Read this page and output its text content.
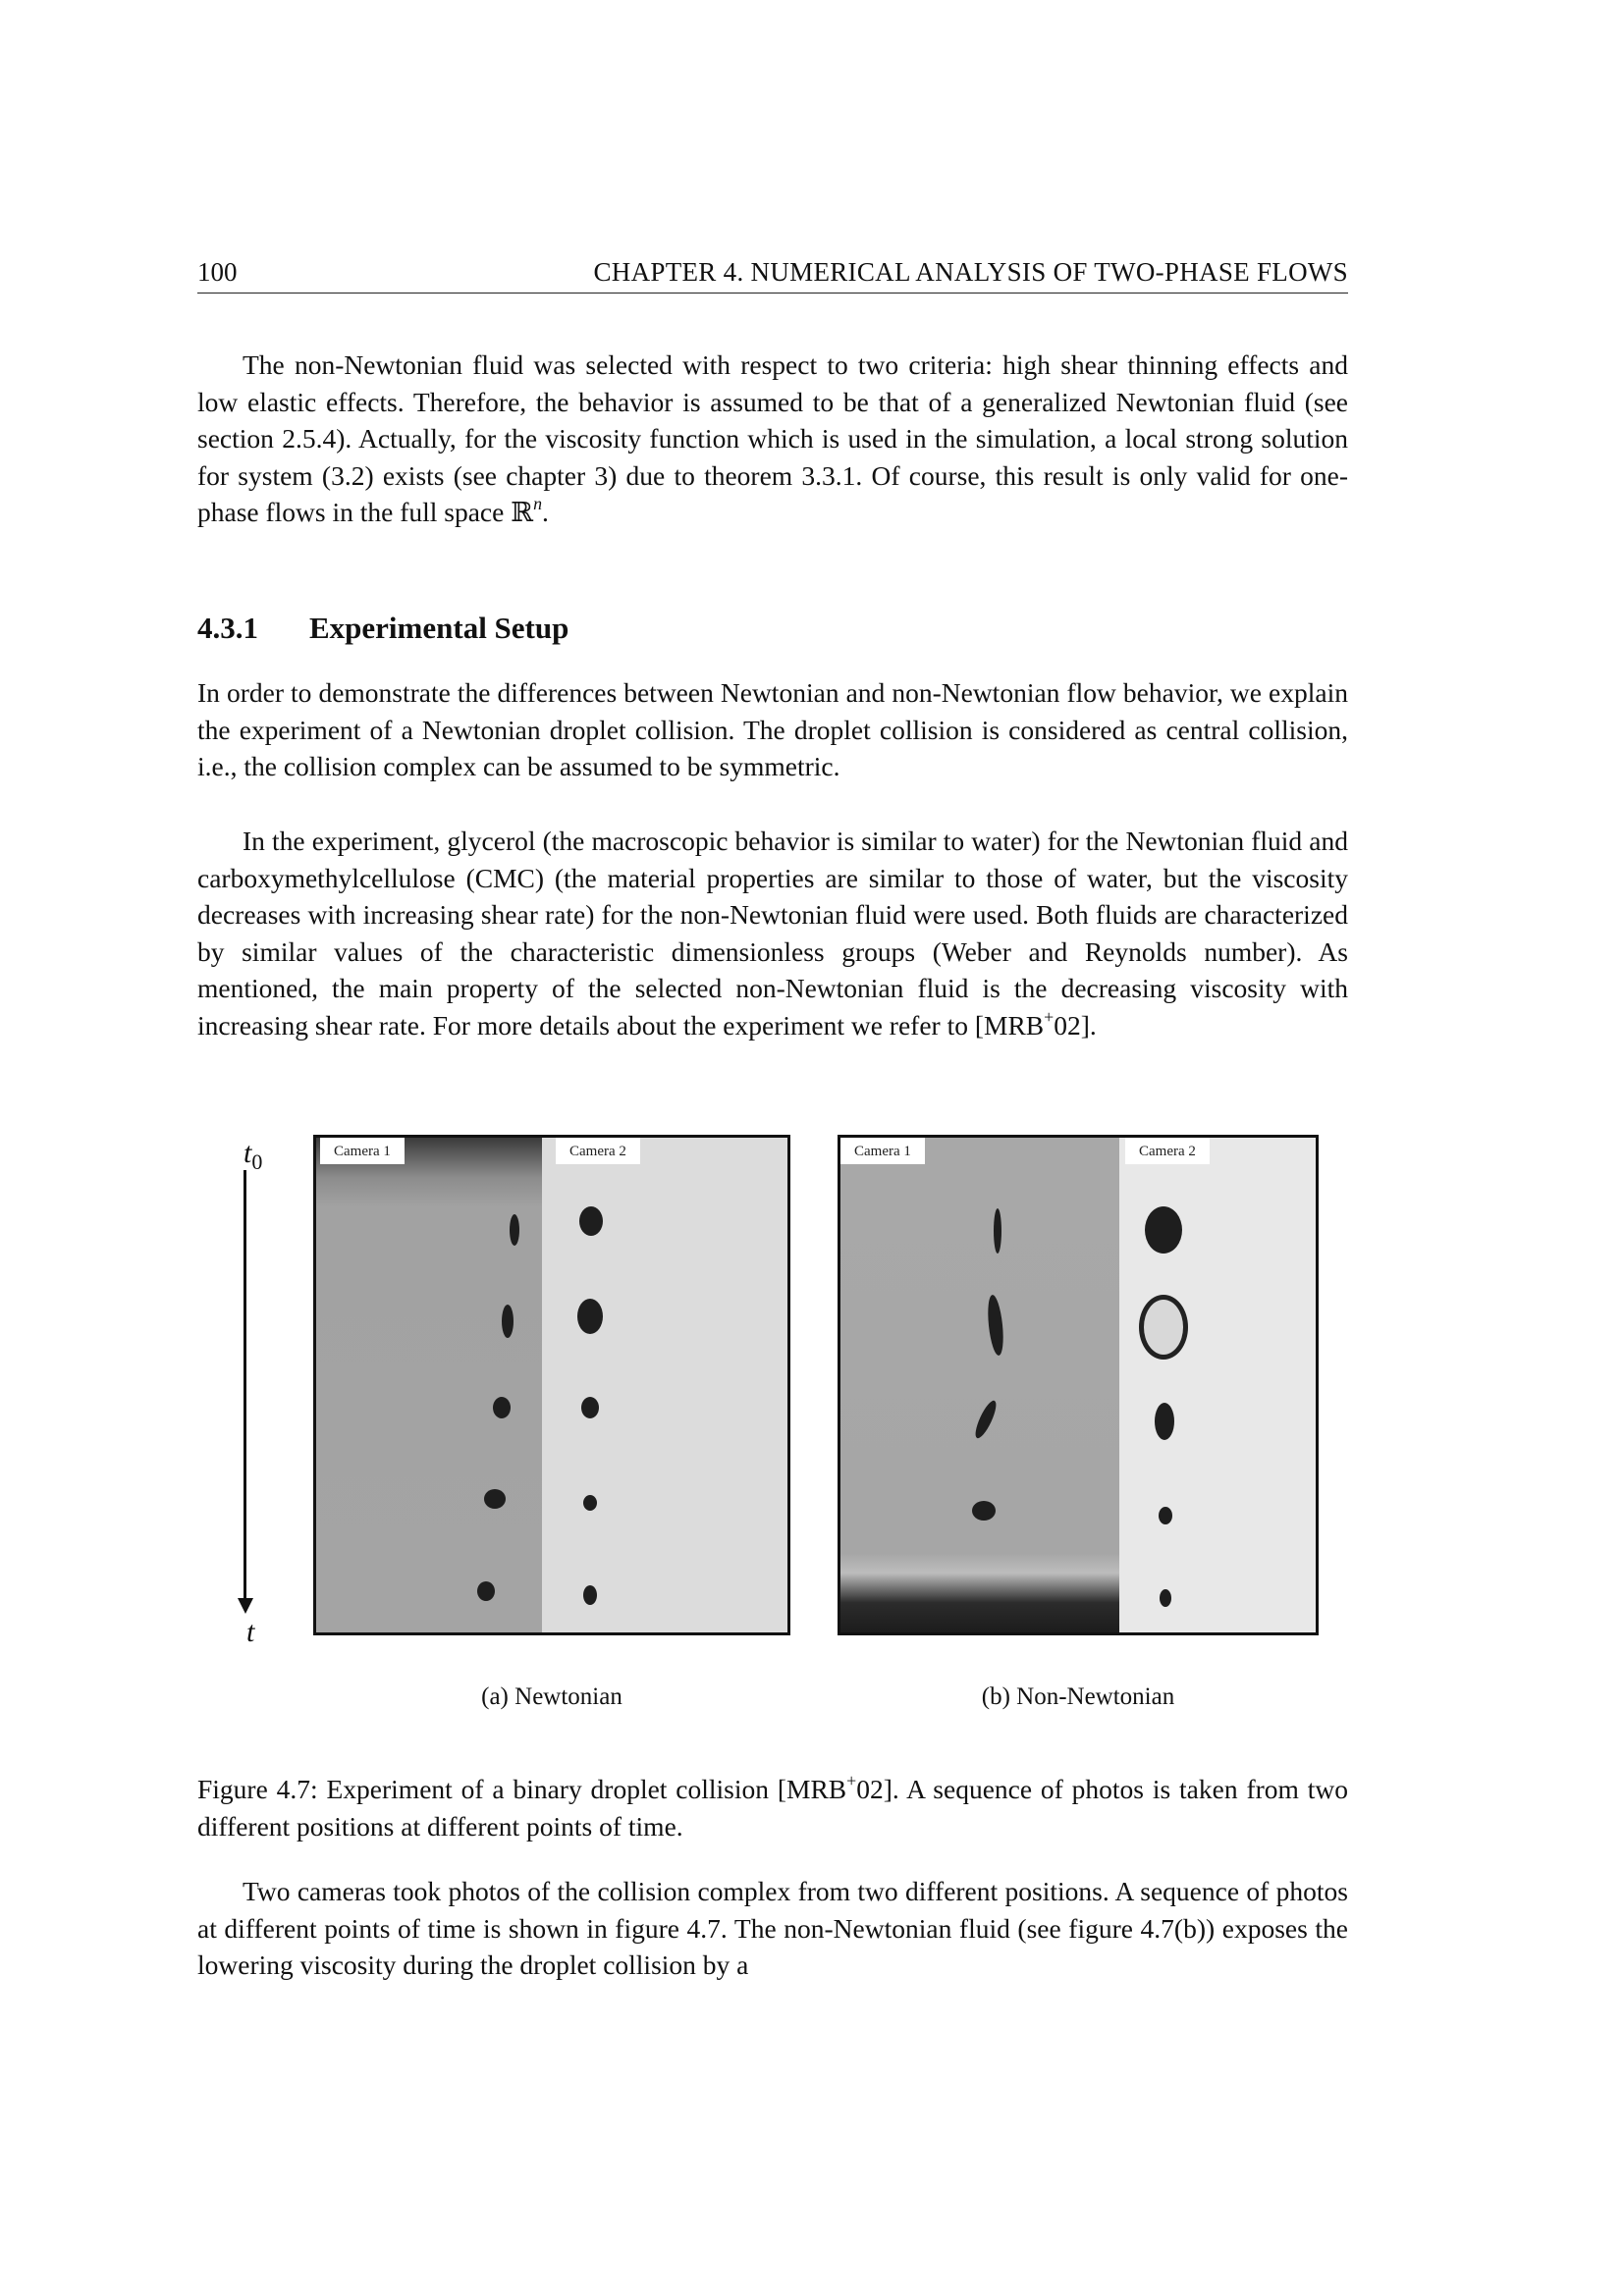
100	CHAPTER 4. NUMERICAL ANALYSIS OF TWO-PHASE FLOWS
The non-Newtonian fluid was selected with respect to two criteria: high shear thinning effects and low elastic effects. Therefore, the behavior is assumed to be that of a generalized Newtonian fluid (see section 2.5.4). Actually, for the viscosity function which is used in the simulation, a local strong solution for system (3.2) exists (see chapter 3) due to theorem 3.3.1. Of course, this result is only valid for one-phase flows in the full space ℝ$^n$.
4.3.1 Experimental Setup
In order to demonstrate the differences between Newtonian and non-Newtonian flow behavior, we explain the experiment of a Newtonian droplet collision. The droplet collision is considered as central collision, i.e., the collision complex can be assumed to be symmetric.
In the experiment, glycerol (the macroscopic behavior is similar to water) for the Newtonian fluid and carboxymethylcellulose (CMC) (the material properties are similar to those of water, but the viscosity decreases with increasing shear rate) for the non-Newtonian fluid were used. Both fluids are characterized by similar values of the characteristic dimensionless groups (Weber and Reynolds number). As mentioned, the main property of the selected non-Newtonian fluid is the decreasing viscosity with increasing shear rate. For more details about the experiment we refer to [MRB+02].
$t_0$
t
Camera 1	Camera 2	Camera 1	Camera 2
(a) Newtonian	(b) Non-Newtonian
Figure 4.7: Experiment of a binary droplet collision [MRB+02]. A sequence of photos is taken from two different positions at different points of time.
Two cameras took photos of the collision complex from two different positions. A sequence of photos at different points of time is shown in figure 4.7. The non-Newtonian fluid (see figure 4.7(b)) exposes the lowering viscosity during the droplet collision by a
